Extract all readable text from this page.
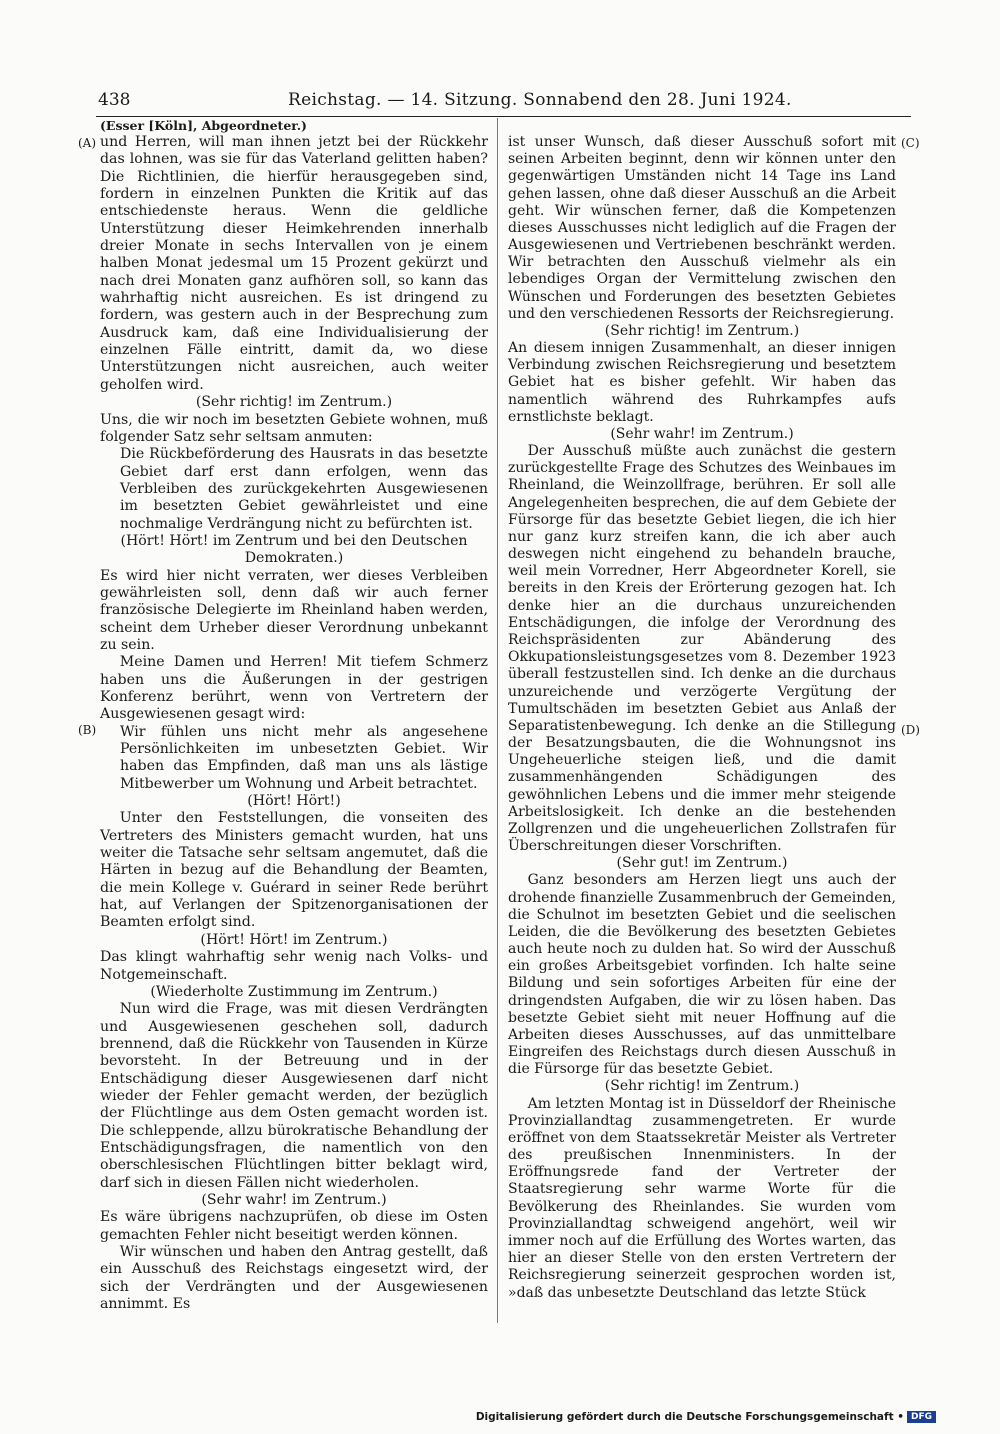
438	Reichstag. — 14. Sitzung. Sonnabend den 28. Juni 1924.
(Esser [Köln], Abgeordneter.)
(A)
(B)
(C)
(D)

und Herren, will man ihnen jetzt bei der Rückkehr das lohnen, was sie für das Vaterland gelitten haben? Die Richtlinien, die hierfür herausgegeben sind, fordern in einzelnen Punkten die Kritik auf das entschiedenste heraus. Wenn die geldliche Unterstützung dieser Heimkehrenden innerhalb dreier Monate in sechs Intervallen von je einem halben Monat jedesmal um 15 Prozent gekürzt und nach drei Monaten ganz aufhören soll, so kann das wahrhaftig nicht ausreichen. Es ist dringend zu fordern, was gestern auch in der Besprechung zum Ausdruck kam, daß eine Individualisierung der einzelnen Fälle eintritt, damit da, wo diese Unterstützungen nicht ausreichen, auch weiter geholfen wird.

(Sehr richtig! im Zentrum.)

Uns, die wir noch im besetzten Gebiete wohnen, muß folgender Satz sehr seltsam anmuten:

Die Rückbeförderung des Hausrats in das besetzte Gebiet darf erst dann erfolgen, wenn das Verbleiben des zurückgekehrten Ausgewiesenen im besetzten Gebiet gewährleistet und eine nochmalige Verdrängung nicht zu befürchten ist.

(Hört! Hört! im Zentrum und bei den Deutschen Demokraten.)

Es wird hier nicht verraten, wer dieses Verbleiben gewährleisten soll, denn daß wir auch ferner französische Delegierte im Rheinland haben werden, scheint dem Urheber dieser Verordnung unbekannt zu sein.

Meine Damen und Herren! Mit tiefem Schmerz haben uns die Äußerungen in der gestrigen Konferenz berührt, wenn von Vertretern der Ausgewiesenen gesagt wird:

Wir fühlen uns nicht mehr als angesehene Persönlichkeiten im unbesetzten Gebiet. Wir haben das Empfinden, daß man uns als lästige Mitbewerber um Wohnung und Arbeit betrachtet.

(Hört! Hört!)

Unter den Feststellungen, die vonseiten des Vertreters des Ministers gemacht wurden, hat uns weiter die Tatsache sehr seltsam angemutet, daß die Härten in bezug auf die Behandlung der Beamten, die mein Kollege v. Guérard in seiner Rede berührt hat, auf Verlangen der Spitzenorganisationen der Beamten erfolgt sind.

(Hört! Hört! im Zentrum.)

Das klingt wahrhaftig sehr wenig nach Volks- und Notgemeinschaft.

(Wiederholte Zustimmung im Zentrum.)

Nun wird die Frage, was mit diesen Verdrängten und Ausgewiesenen geschehen soll, dadurch brennend, daß die Rückkehr von Tausenden in Kürze bevorsteht. In der Betreuung und in der Entschädigung dieser Ausgewiesenen darf nicht wieder der Fehler gemacht werden, der bezüglich der Flüchtlinge aus dem Osten gemacht worden ist. Die schleppende, allzu bürokratische Behandlung der Entschädigungsfragen, die namentlich von den oberschlesischen Flüchtlingen bitter beklagt wird, darf sich in diesen Fällen nicht wiederholen.

(Sehr wahr! im Zentrum.)

Es wäre übrigens nachzuprüfen, ob diese im Osten gemachten Fehler nicht beseitigt werden können.

Wir wünschen und haben den Antrag gestellt, daß ein Ausschuß des Reichstags eingesetzt wird, der sich der Verdrängten und der Ausgewiesenen annimmt. Es

ist unser Wunsch, daß dieser Ausschuß sofort mit seinen Arbeiten beginnt, denn wir können unter den gegenwärtigen Umständen nicht 14 Tage ins Land gehen lassen, ohne daß dieser Ausschuß an die Arbeit geht. Wir wünschen ferner, daß die Kompetenzen dieses Ausschusses nicht lediglich auf die Fragen der Ausgewiesenen und Vertriebenen beschränkt werden. Wir betrachten den Ausschuß vielmehr als ein lebendiges Organ der Vermittelung zwischen den Wünschen und Forderungen des besetzten Gebietes und den verschiedenen Ressorts der Reichsregierung.

(Sehr richtig! im Zentrum.)

An diesem innigen Zusammenhalt, an dieser innigen Verbindung zwischen Reichsregierung und besetztem Gebiet hat es bisher gefehlt. Wir haben das namentlich während des Ruhrkampfes aufs ernstlichste beklagt.

(Sehr wahr! im Zentrum.)

Der Ausschuß müßte auch zunächst die gestern zurückgestellte Frage des Schutzes des Weinbaues im Rheinland, die Weinzollfrage, berühren. Er soll alle Angelegenheiten besprechen, die auf dem Gebiete der Fürsorge für das besetzte Gebiet liegen, die ich hier nur ganz kurz streifen kann, die ich aber auch deswegen nicht eingehend zu behandeln brauche, weil mein Vorredner, Herr Abgeordneter Korell, sie bereits in den Kreis der Erörterung gezogen hat. Ich denke hier an die durchaus unzureichenden Entschädigungen, die infolge der Verordnung des Reichspräsidenten zur Abänderung des Okkupationsleistungsgesetzes vom 8. Dezember 1923 überall festzustellen sind. Ich denke an die durchaus unzureichende und verzögerte Vergütung der Tumultschäden im besetzten Gebiet aus Anlaß der Separatistenbewegung. Ich denke an die Stillegung der Besatzungsbauten, die die Wohnungsnot ins Ungeheuerliche steigen ließ, und die damit zusammenhängenden Schädigungen des gewöhnlichen Lebens und die immer mehr steigende Arbeitslosigkeit. Ich denke an die bestehenden Zollgrenzen und die ungeheuerlichen Zollstrafen für Überschreitungen dieser Vorschriften.

(Sehr gut! im Zentrum.)

Ganz besonders am Herzen liegt uns auch der drohende finanzielle Zusammenbruch der Gemeinden, die Schulnot im besetzten Gebiet und die seelischen Leiden, die die Bevölkerung des besetzten Gebietes auch heute noch zu dulden hat. So wird der Ausschuß ein großes Arbeitsgebiet vorfinden. Ich halte seine Bildung und sein sofortiges Arbeiten für eine der dringendsten Aufgaben, die wir zu lösen haben. Das besetzte Gebiet sieht mit neuer Hoffnung auf die Arbeiten dieses Ausschusses, auf das unmittelbare Eingreifen des Reichstags durch diesen Ausschuß in die Fürsorge für das besetzte Gebiet.

(Sehr richtig! im Zentrum.)

Am letzten Montag ist in Düsseldorf der Rheinische Provinziallandtag zusammengetreten. Er wurde eröffnet von dem Staatssekretär Meister als Vertreter des preußischen Innenministers. In der Eröffnungsrede fand der Vertreter der Staatsregierung sehr warme Worte für die Bevölkerung des Rheinlandes. Sie wurden vom Provinziallandtag schweigend angehört, weil wir immer noch auf die Erfüllung des Wortes warten, das hier an dieser Stelle von den ersten Vertretern der Reichsregierung seinerzeit gesprochen worden ist, »daß das unbesetzte Deutschland das letzte Stück

Digitalisierung gefördert durch die Deutsche Forschungsgemeinschaft • DFG
